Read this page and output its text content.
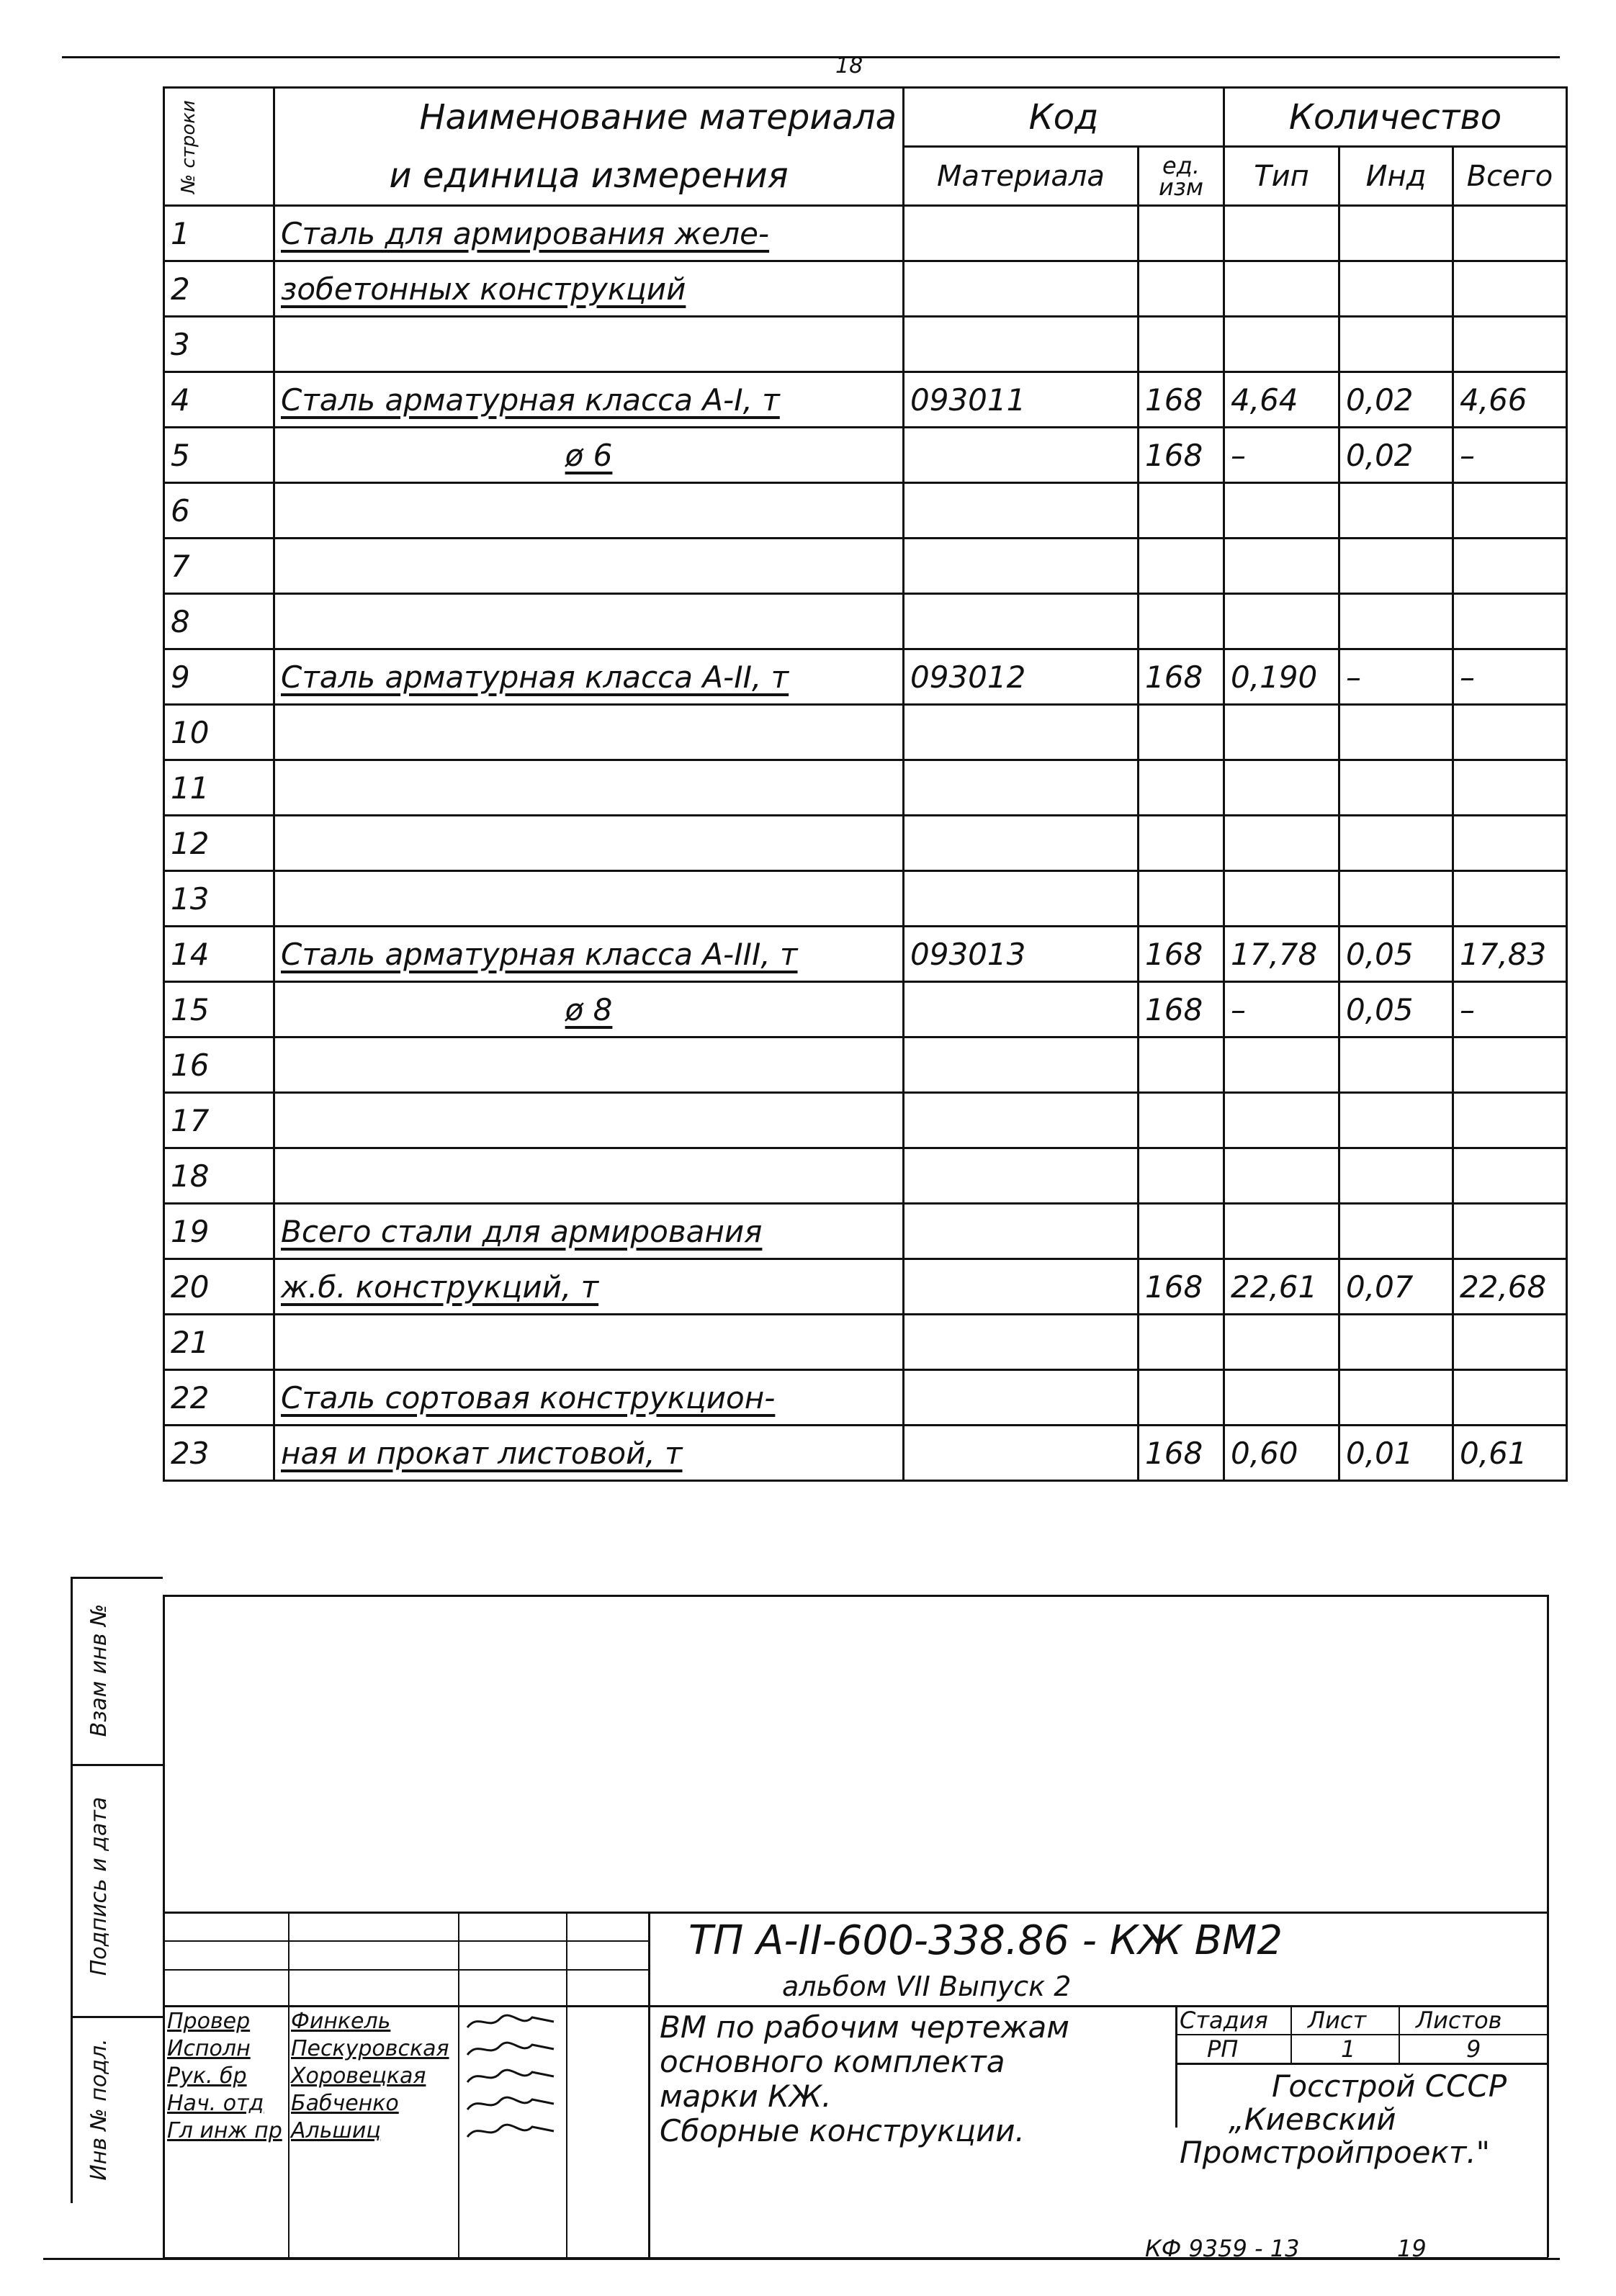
18
Взам инв №
Подпись и дата
Инв № подл.
№ строки	Наименование материала	Код		Количество		
	и единица измерения	Материала	ед. изм	Тип	Инд	Всего
1	Сталь для армирования желе-					
2	зобетонных конструкций					
3						
4	Сталь арматурная класса А-I, т	093011	168	4,64	0,02	4,66
5	ø 6		168	–	0,02	–
6						
7						
8						
9	Сталь арматурная класса А-II, т	093012	168	0,190	–	–
10						
11						
12						
13						
14	Сталь арматурная класса А-III, т	093013	168	17,78	0,05	17,83
15	ø 8		168	–	0,05	–
16						
17						
18						
19	Всего стали для армирования					
20	ж.б. конструкций, т		168	22,61	0,07	22,68
21						
22	Сталь сортовая конструкцион-					
23	ная и прокат листовой, т		168	0,60	0,01	0,61
ТП А-II-600-338.86 - КЖ ВМ2
альбом VII Выпуск 2
ВМ по рабочим чертежам
основного комплекта
марки КЖ.
Сборные конструкции.
Стадия Лист Листов
РП	1	9
Госстрой СССР
„Киевский
Промстройпроект."
Провер Финкель
Исполн Пескуровская
Рук. бр Хоровецкая
Нач. отд Бабченко
Гл инж пр Альшиц
КФ 9359 - 13	19
